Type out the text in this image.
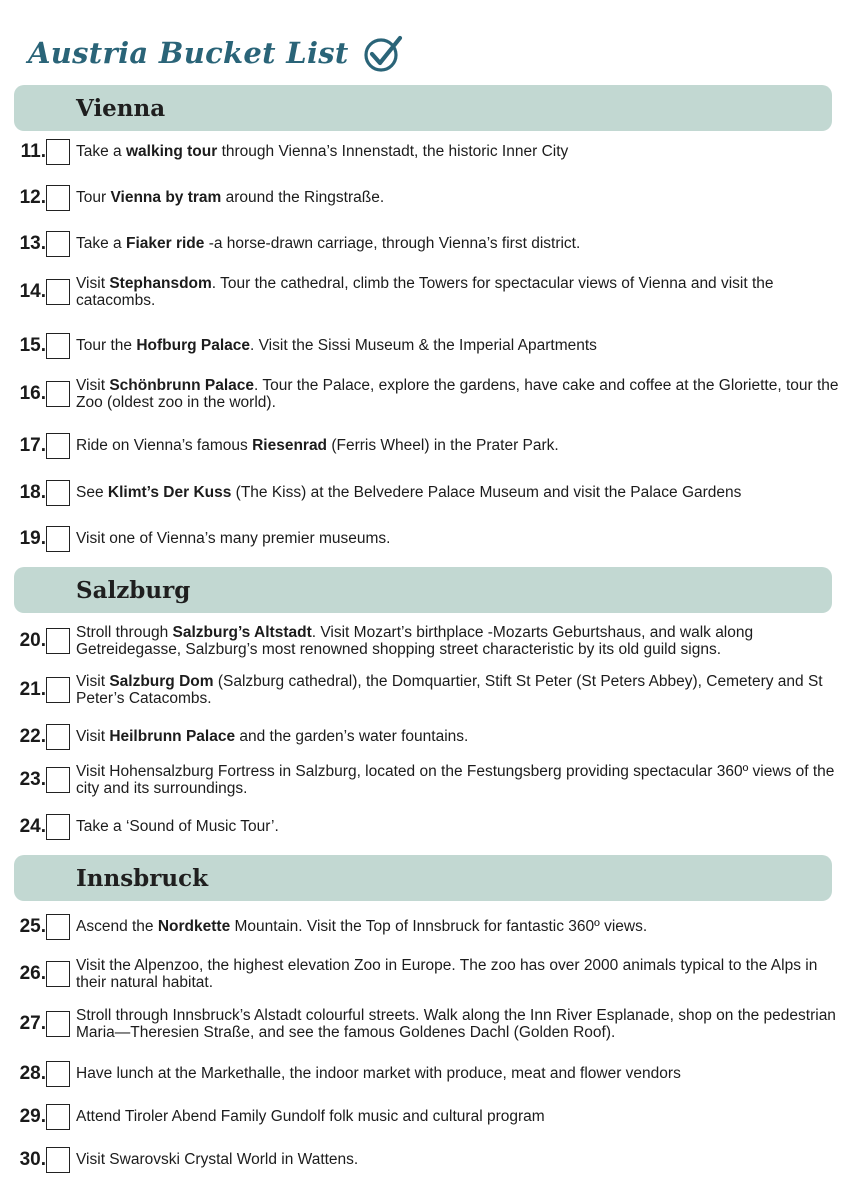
Austria Bucket List
Vienna
11. Take a walking tour through Vienna’s Innenstadt, the historic Inner City
12. Tour Vienna by tram around the Ringstraße.
13. Take a Fiaker ride -a horse-drawn carriage, through Vienna’s first district.
14. Visit Stephansdom. Tour the cathedral, climb the Towers for spectacular views of Vienna and visit the catacombs.
15. Tour the Hofburg Palace. Visit the Sissi Museum & the Imperial Apartments
16. Visit Schönbrunn Palace. Tour the Palace, explore the gardens, have cake and coffee at the Gloriette, tour the Zoo (oldest zoo in the world).
17. Ride on Vienna’s famous Riesenrad (Ferris Wheel) in the Prater Park.
18. See Klimt’s Der Kuss (The Kiss) at the Belvedere Palace Museum and visit the Palace Gardens
19. Visit one of Vienna’s many premier museums.
Salzburg
20. Stroll through Salzburg’s Altstadt. Visit Mozart’s birthplace -Mozarts Geburtshaus, and walk along Getreidegasse, Salzburg’s most renowned shopping street characteristic by its old guild signs.
21. Visit Salzburg Dom (Salzburg cathedral), the Domquartier, Stift St Peter (St Peters Abbey), Cemetery and St Peter’s Catacombs.
22. Visit Heilbrunn Palace and the garden’s water fountains.
23. Visit Hohensalzburg Fortress in Salzburg, located on the Festungsberg providing spectacular 360º views of the city and its surroundings.
24. Take a ‘Sound of Music Tour’.
Innsbruck
25. Ascend the Nordkette Mountain. Visit the Top of Innsbruck for fantastic 360º views.
26. Visit the Alpenzoo, the highest elevation Zoo in Europe. The zoo has over 2000 animals typical to the Alps in their natural habitat.
27. Stroll through Innsbruck’s Alstadt colourful streets. Walk along the Inn River Esplanade, shop on the pedestrian Maria—Theresien Straße, and see the famous Goldenes Dachl (Golden Roof).
28. Have lunch at the Markethalle, the indoor market with produce, meat and flower vendors
29. Attend Tiroler Abend Family Gundolf folk music and cultural program
30. Visit Swarovski Crystal World in Wattens.
